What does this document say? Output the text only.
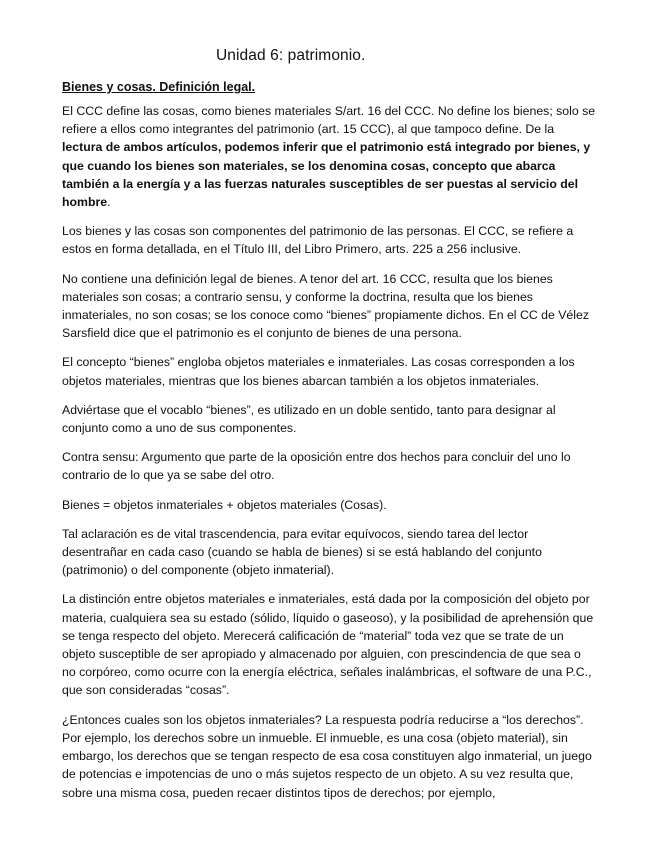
Unidad 6: patrimonio.
Bienes y cosas. Definición legal.

El CCC define las cosas, como bienes materiales S/art. 16 del CCC. No define los bienes; solo se refiere a ellos como integrantes del patrimonio (art. 15 CCC), al que tampoco define. De la lectura de ambos artículos, podemos inferir que el patrimonio está integrado por bienes, y que cuando los bienes son materiales, se los denomina cosas, concepto que abarca también a la energía y a las fuerzas naturales susceptibles de ser puestas al servicio del hombre.

Los bienes y las cosas son componentes del patrimonio de las personas. El CCC, se refiere a estos en forma detallada, en el Título III, del Libro Primero, arts. 225 a 256 inclusive.

No contiene una definición legal de bienes. A tenor del art. 16 CCC, resulta que los bienes materiales son cosas; a contrario sensu, y conforme la doctrina, resulta que los bienes inmateriales, no son cosas; se los conoce como “bienes” propiamente dichos. En el CC de Vélez Sarsfield dice que el patrimonio es el conjunto de bienes de una persona.

El concepto “bienes” engloba objetos materiales e inmateriales. Las cosas corresponden a los objetos materiales, mientras que los bienes abarcan también a los objetos inmateriales.

Adviértase que el vocablo “bienes”, es utilizado en un doble sentido, tanto para designar al conjunto como a uno de sus componentes.

Contra sensu: Argumento que parte de la oposición entre dos hechos para concluir del uno lo contrario de lo que ya se sabe del otro.

Bienes = objetos inmateriales + objetos materiales (Cosas).

Tal aclaración es de vital trascendencia, para evitar equívocos, siendo tarea del lector desentrañar en cada caso (cuando se habla de bienes) si se está hablando del conjunto (patrimonio) o del componente (objeto inmaterial).

La distinción entre objetos materiales e inmateriales, está dada por la composición del objeto por materia, cualquiera sea su estado (sólido, líquido o gaseoso), y la posibilidad de aprehensión que se tenga respecto del objeto. Merecerá calificación de “material” toda vez que se trate de un objeto susceptible de ser apropiado y almacenado por alguien, con prescindencia de que sea o no corpóreo, como ocurre con la energía eléctrica, señales inalámbricas, el software de una P.C., que son consideradas “cosas”.

¿Entonces cuales son los objetos inmateriales? La respuesta podría reducirse a “los derechos”. Por ejemplo, los derechos sobre un inmueble. El inmueble, es una cosa (objeto material), sin embargo, los derechos que se tengan respecto de esa cosa constituyen algo inmaterial, un juego de potencias e impotencias de uno o más sujetos respecto de un objeto. A su vez resulta que, sobre una misma cosa, pueden recaer distintos tipos de derechos; por ejemplo,
